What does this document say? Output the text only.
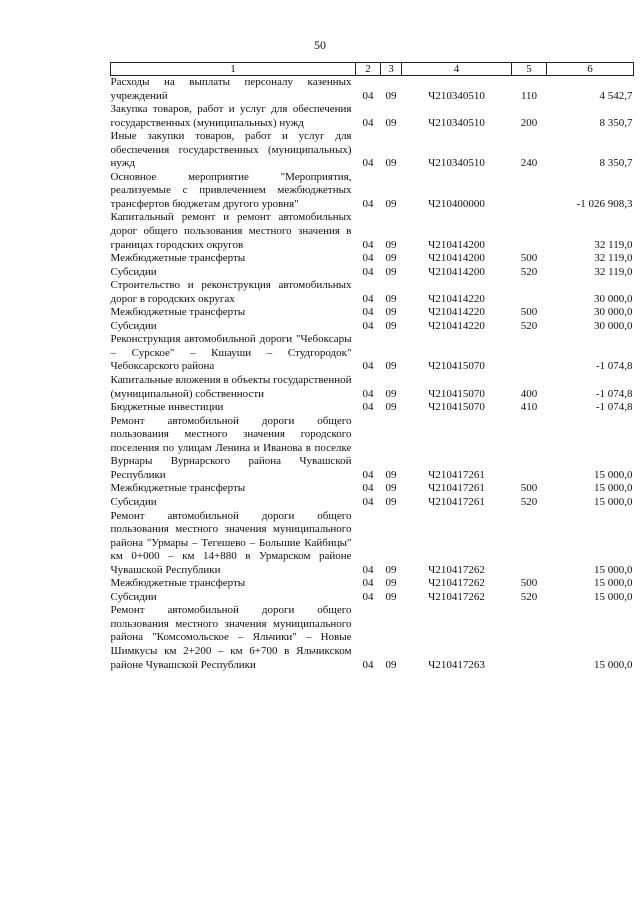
50
1	2	3	4	5	6
Расходы на выплаты персоналу казенных учреждений	04	09	Ч210340510	110	4 542,7
Закупка товаров, работ и услуг для обеспечения государственных (муниципальных) нужд	04	09	Ч210340510	200	8 350,7
Иные закупки товаров, работ и услуг для обеспечения государственных (муниципальных) нужд	04	09	Ч210340510	240	8 350,7
Основное мероприятие "Мероприятия, реализуемые с привлечением межбюджетных трансфертов бюджетам другого уровня"	04	09	Ч210400000		-1 026 908,3
Капитальный ремонт и ремонт автомобильных дорог общего пользования местного значения в границах городских округов	04	09	Ч210414200		32 119,0
Межбюджетные трансферты	04	09	Ч210414200	500	32 119,0
Субсидии	04	09	Ч210414200	520	32 119,0
Строительство и реконструкция автомобильных дорог в городских округах	04	09	Ч210414220		30 000,0
Межбюджетные трансферты	04	09	Ч210414220	500	30 000,0
Субсидии	04	09	Ч210414220	520	30 000,0
Реконструкция автомобильной дороги "Чебоксары – Сурское" – Кшауши – Студгородок" Чебоксарского района	04	09	Ч210415070		-1 074,8
Капитальные вложения в объекты государственной (муниципальной) собственности	04	09	Ч210415070	400	-1 074,8
Бюджетные инвестиции	04	09	Ч210415070	410	-1 074,8
Ремонт автомобильной дороги общего пользования местного значения городского поселения по улицам Ленина и Иванова в поселке Вурнары Вурнарского района Чувашской Республики	04	09	Ч210417261		15 000,0
Межбюджетные трансферты	04	09	Ч210417261	500	15 000,0
Субсидии	04	09	Ч210417261	520	15 000,0
Ремонт автомобильной дороги общего пользования местного значения муниципального района "Урмары – Тегешево – Большие Кайбицы" км 0+000 – км 14+880 в Урмарском районе Чувашской Республики	04	09	Ч210417262		15 000,0
Межбюджетные трансферты	04	09	Ч210417262	500	15 000,0
Субсидии	04	09	Ч210417262	520	15 000,0
Ремонт автомобильной дороги общего пользования местного значения муниципального района "Комсомольское – Яльчики" – Новые Шимкусы км 2+200 – км 6+700 в Яльчикском районе Чувашской Республики	04	09	Ч210417263		15 000,0
